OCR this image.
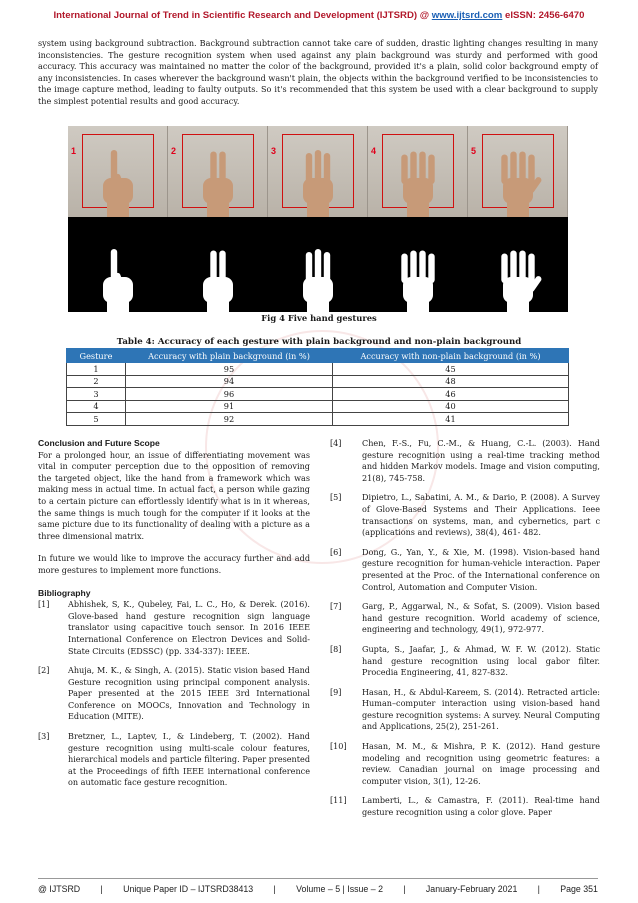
International Journal of Trend in Scientific Research and Development (IJTSRD) @ www.ijtsrd.com eISSN: 2456-6470

system using background subtraction. Background subtraction cannot take care of sudden, drastic lighting changes resulting in many inconsistencies. The gesture recognition system when used against any plain background was sturdy and performed with good accuracy. This accuracy was maintained no matter the color of the background, provided it's a plain, solid color background empty of any inconsistencies. In cases wherever the background wasn't plain, the objects within the background verified to be inconsistencies to the image capture method, leading to faulty outputs. So it's recommended that this system be used with a clear background to supply the simplest potential results and good accuracy.

1	2	3	4	5
Fig 4 Five hand gestures
Table 4: Accuracy of each gesture with plain background and non-plain background
Gesture	Accuracy with plain background (in %)	Accuracy with non-plain background (in %)
1	95	45
2	94	48
3	96	46
4	91	40
5	92	41
Conclusion and Future Scope

For a prolonged hour, an issue of differentiating movement was vital in computer perception due to the opposition of removing the targeted object, like the hand from a framework which was making mess in actual time. In actual fact, a person while gazing to a certain picture can effortlessly identify what is in it whereas, the same things is much tough for the computer if it looks at the same picture due to its functionality of dealing with a picture as a three dimensional matrix.

In future we would like to improve the accuracy further and add more gestures to implement more functions.

Bibliography
[1]	Abhishek, S, K., Qubeley, Fai, L. C., Ho, & Derek. (2016). Glove-based hand gesture recognition sign language translator using capacitive touch sensor. In 2016 IEEE International Conference on Electron Devices and Solid-State Circuits (EDSSC) (pp. 334-337): IEEE.
[2]	Ahuja, M. K., & Singh, A. (2015). Static vision based Hand Gesture recognition using principal component analysis. Paper presented at the 2015 IEEE 3rd International Conference on MOOCs, Innovation and Technology in Education (MITE).
[3]	Bretzner, L., Laptev, I., & Lindeberg, T. (2002). Hand gesture recognition using multi-scale colour features, hierarchical models and particle filtering. Paper presented at the Proceedings of fifth IEEE international conference on automatic face gesture recognition.
[4]	Chen, F.-S., Fu, C.-M., & Huang, C.-L. (2003). Hand gesture recognition using a real-time tracking method and hidden Markov models. Image and vision computing, 21(8), 745-758.
[5]	Dipietro, L., Sabatini, A. M., & Dario, P. (2008). A Survey of Glove-Based Systems and Their Applications. Ieee transactions on systems, man, and cybernetics, part c (applications and reviews), 38(4), 461- 482.
[6]	Dong, G., Yan, Y., & Xie, M. (1998). Vision-based hand gesture recognition for human-vehicle interaction. Paper presented at the Proc. of the International conference on Control, Automation and Computer Vision.
[7]	Garg, P., Aggarwal, N., & Sofat, S. (2009). Vision based hand gesture recognition. World academy of science, engineering and technology, 49(1), 972-977.
[8]	Gupta, S., Jaafar, J., & Ahmad, W. F. W. (2012). Static hand gesture recognition using local gabor filter. Procedia Engineering, 41, 827-832.
[9]	Hasan, H., & Abdul-Kareem, S. (2014). Retracted article: Human–computer interaction using vision-based hand gesture recognition systems: A survey. Neural Computing and Applications, 25(2), 251-261.
[10]	Hasan, M. M., & Mishra, P. K. (2012). Hand gesture modeling and recognition using geometric features: a review. Canadian journal on image processing and computer vision, 3(1), 12-26.
[11]	Lamberti, L., & Camastra, F. (2011). Real-time hand gesture recognition using a color glove. Paper
@ IJTSRD | Unique Paper ID – IJTSRD38413 | Volume – 5 | Issue – 2 | January-February 2021 | Page 351
